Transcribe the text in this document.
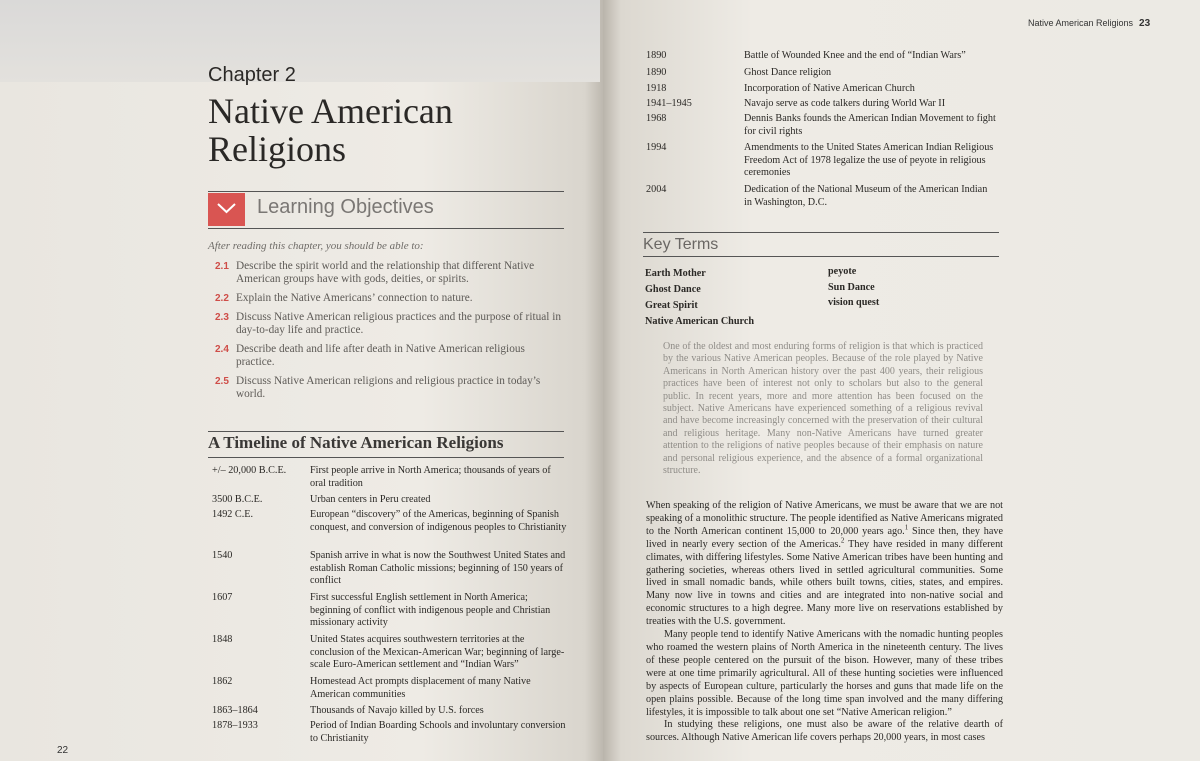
Chapter 2
Native American Religions
Learning Objectives
After reading this chapter, you should be able to:
2.1 Describe the spirit world and the relationship that different Native American groups have with gods, deities, or spirits.
2.2 Explain the Native Americans’ connection to nature.
2.3 Discuss Native American religious practices and the purpose of ritual in day-to-day life and practice.
2.4 Describe death and life after death in Native American religious practice.
2.5 Discuss Native American religions and religious practice in today’s world.
A Timeline of Native American Religions
+/– 20,000 B.C.E.	First people arrive in North America; thousands of years of oral tradition
3500 B.C.E.	Urban centers in Peru created
1492 C.E.	European “discovery” of the Americas, beginning of Spanish conquest, and conversion of indigenous peoples to Christianity
1540	Spanish arrive in what is now the Southwest United States and establish Roman Catholic missions; beginning of 150 years of conflict
1607	First successful English settlement in North America; beginning of conflict with indigenous people and Christian missionary activity
1848	United States acquires southwestern territories at the conclusion of the Mexican-American War; beginning of large-scale Euro-American settlement and “Indian Wars”
1862	Homestead Act prompts displacement of many Native American communities
1863–1864	Thousands of Navajo killed by U.S. forces
1878–1933	Period of Indian Boarding Schools and involuntary conversion to Christianity
22
Native American Religions 23
1890	Battle of Wounded Knee and the end of “Indian Wars”
1890	Ghost Dance religion
1918	Incorporation of Native American Church
1941–1945	Navajo serve as code talkers during World War II
1968	Dennis Banks founds the American Indian Movement to fight for civil rights
1994	Amendments to the United States American Indian Religious Freedom Act of 1978 legalize the use of peyote in religious ceremonies
2004	Dedication of the National Museum of the American Indian in Washington, D.C.
Key Terms
Earth Mother
Ghost Dance
Great Spirit
Native American Church
peyote
Sun Dance
vision quest
One of the oldest and most enduring forms of religion is that which is practiced by the various Native American peoples. Because of the role played by Native Americans in North American history over the past 400 years, their religious practices have been of interest not only to scholars but also to the general public. In recent years, more and more attention has been focused on the subject. Native Americans have experienced something of a religious revival and have become increasingly concerned with the preservation of their cultural and religious heritage. Many non-Native Americans have turned greater attention to the religions of native peoples because of their emphasis on nature and personal religious experience, and the absence of a formal organizational structure.

When speaking of the religion of Native Americans, we must be aware that we are not speaking of a monolithic structure. The people identified as Native Americans migrated to the North American continent 15,000 to 20,000 years ago.$^1$ Since then, they have lived in nearly every section of the Americas.$^2$ They have resided in many different climates, with differing lifestyles. Some Native American tribes have been hunting and gathering societies, whereas others lived in settled agricultural communities. Some lived in small nomadic bands, while others built towns, cities, states, and empires. Many now live in towns and cities and are integrated into non-native social and economic structures to a high degree. Many more live on reservations established by treaties with the U.S. government.

Many people tend to identify Native Americans with the nomadic hunting peoples who roamed the western plains of North America in the nineteenth century. The lives of these people centered on the pursuit of the bison. However, many of these tribes were at one time primarily agricultural. All of these hunting societies were influenced by aspects of European culture, particularly the horses and guns that made life on the open plains possible. Because of the long time span involved and the many differing lifestyles, it is impossible to talk about one set “Native American religion.”

In studying these religions, one must also be aware of the relative dearth of sources. Although Native American life covers perhaps 20,000 years, in most cases
